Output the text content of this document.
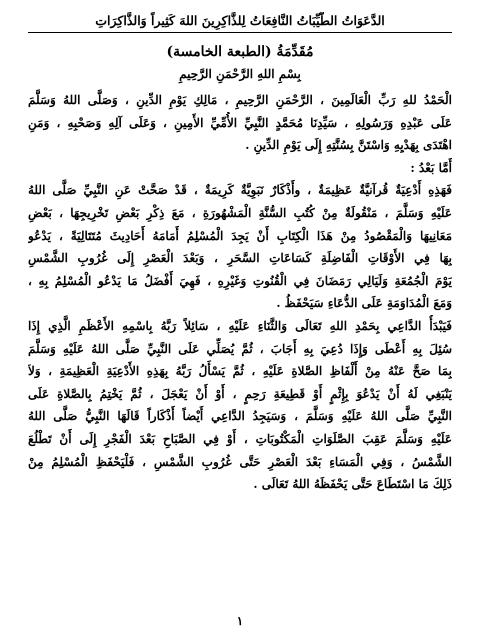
الدَّعَوَاتُ الطَّيِّبَاتُ النَّافِعَاتُ لِلذَّاكِرِينَ اللهَ كَثِيراً وَالذَّاكِرَاتِ
مُقَدِّمَةُ (الطبعة الخامسة)
بِسْمِ اللهِ الرَّحْمَنِ الرَّحِيمِ
الْحَمْدُ للهِ رَبِّ الْعَالَمِينَ ، الرَّحْمَنِ الرَّحِيمِ ، مَالِكِ يَوْمِ الدِّينِ ، وَصَلَّى اللهُ وَسَلَّمَ
عَلَى عَبْدِهِ وَرَسُولِهِ ، سَيِّدِنَا مُحَمَّدٍ النَّبِيِّ الأُمِّيِّ الأَمِينِ ، وَعَلَى آلِهِ وَصَحْبِهِ ، وَمَنِ
اهْتَدَى بِهَدْيِهِ وَاسْتَنَّ بِسُنَّتِهِ إِلَى يَوْمِ الدِّينِ .
أَمَّا بَعْدُ :
فَهَذِهِ أَدْعِيَةٌ قُرآنيَّةٌ عَظِيمَةٌ ، وأَذْكَارٌ نَبَوِيَّةٌ كَرِيمَةٌ ، قَدْ صَحَّتْ عَنِ النَّبِيِّ صَلَّى اللهُ
عَلَيْهِ وَسَلَّمَ ، مَنْقُولَةٌ مِنْ كُتُبِ السُّنَّةِ الْمَشْهُورَةِ ، مَعَ ذِكْرِ بَعْضِ تَخْرِيجِهَا ، بَعْضِ
مَعَانِيهَا وَالْمَقْصُودُ مِنْ هَذَا الْكِتَابِ أَنْ يَجِدَ الْمُسْلِمُ أَمَامَهُ أَحَادِيثَ مُتَتَالِيَةً ، يَدْعُو
بِهَا فِي الأَوْقَاتِ الْفَاضِلَةِ كَسَاعَاتِ السَّحَرِ ، وَبَعْدَ الْعَصْرِ إِلَى غُرُوبِ الشَّمْسِ
يَوْمَ الْجُمُعَةِ وَلَيَالِي رَمَضَانَ فِي الْقُنُوتِ وَغَيْرِهِ ، فَهِيَ أَفْضَلُ مَا يَدْعُو الْمُسْلِمُ بِهِ ،
وَمَعَ الْمُدَاوَمَةِ عَلَى الدُّعَاءِ سَيَحْفَظُ .
فَيَبْدَأُ الدَّاعِي بِحَمْدِ اللهِ تَعَالَى وَالثَّنَاءِ عَلَيْهِ ، سَائِلاً رَبَّهُ بِاسْمِهِ الأَعْظَمِ الَّذِي إِذَا
سُئِلَ بِهِ أَعْطَى وَإِذَا دُعِيَ بِهِ أَجَابَ ، ثُمَّ يُصَلِّي عَلَى النَّبِيِّ صَلَّى اللهُ عَلَيْهِ وَسَلَّمَ
بِمَا صَحَّ عَنْهُ مِنْ أَلْفَاظِ الصَّلاةِ عَلَيْهِ ، ثُمَّ يَسْأَلُ رَبَّهُ بِهَذِهِ الأَدْعِيَةِ الْعَظِيمَةِ ، وَلاَ
يَنْبَغِي لَهُ أَنْ يَدْعُوَ بِإِثْمٍ أَوْ قَطِيعَةِ رَحِمٍ ، أَوْ أَنْ يَعْجَلَ ، ثُمَّ يَخْتِمُ بِالصَّلاةِ عَلَى
النَّبِيِّ صَلَّى اللهُ عَلَيْهِ وَسَلَّمَ ، وَسَيَجِدُ الدَّاعِي أَيْضاً أَذْكَاراً قَالَهَا النَّبِيُّ صَلَّى اللهُ
عَلَيْهِ وَسَلَّمَ عَقِبَ الصَّلَوَاتِ الْمَكْتُوبَاتِ ، أَوْ فِي الصَّبَاحِ بَعْدَ الْفَجْرِ إِلَى أَنْ تَطْلُعَ
الشَّمْسُ ، وَفِي الْمَسَاءِ بَعْدَ الْعَصْرِ حَتَّى غُرُوبِ الشَّمْسِ ، فَلْيَحْفَظِ الْمُسْلِمُ مِنْ
ذَلِكَ مَا اسْتَطَاعَ حَتَّى يَحْفَظَهُ اللهُ تَعَالَى .
١
